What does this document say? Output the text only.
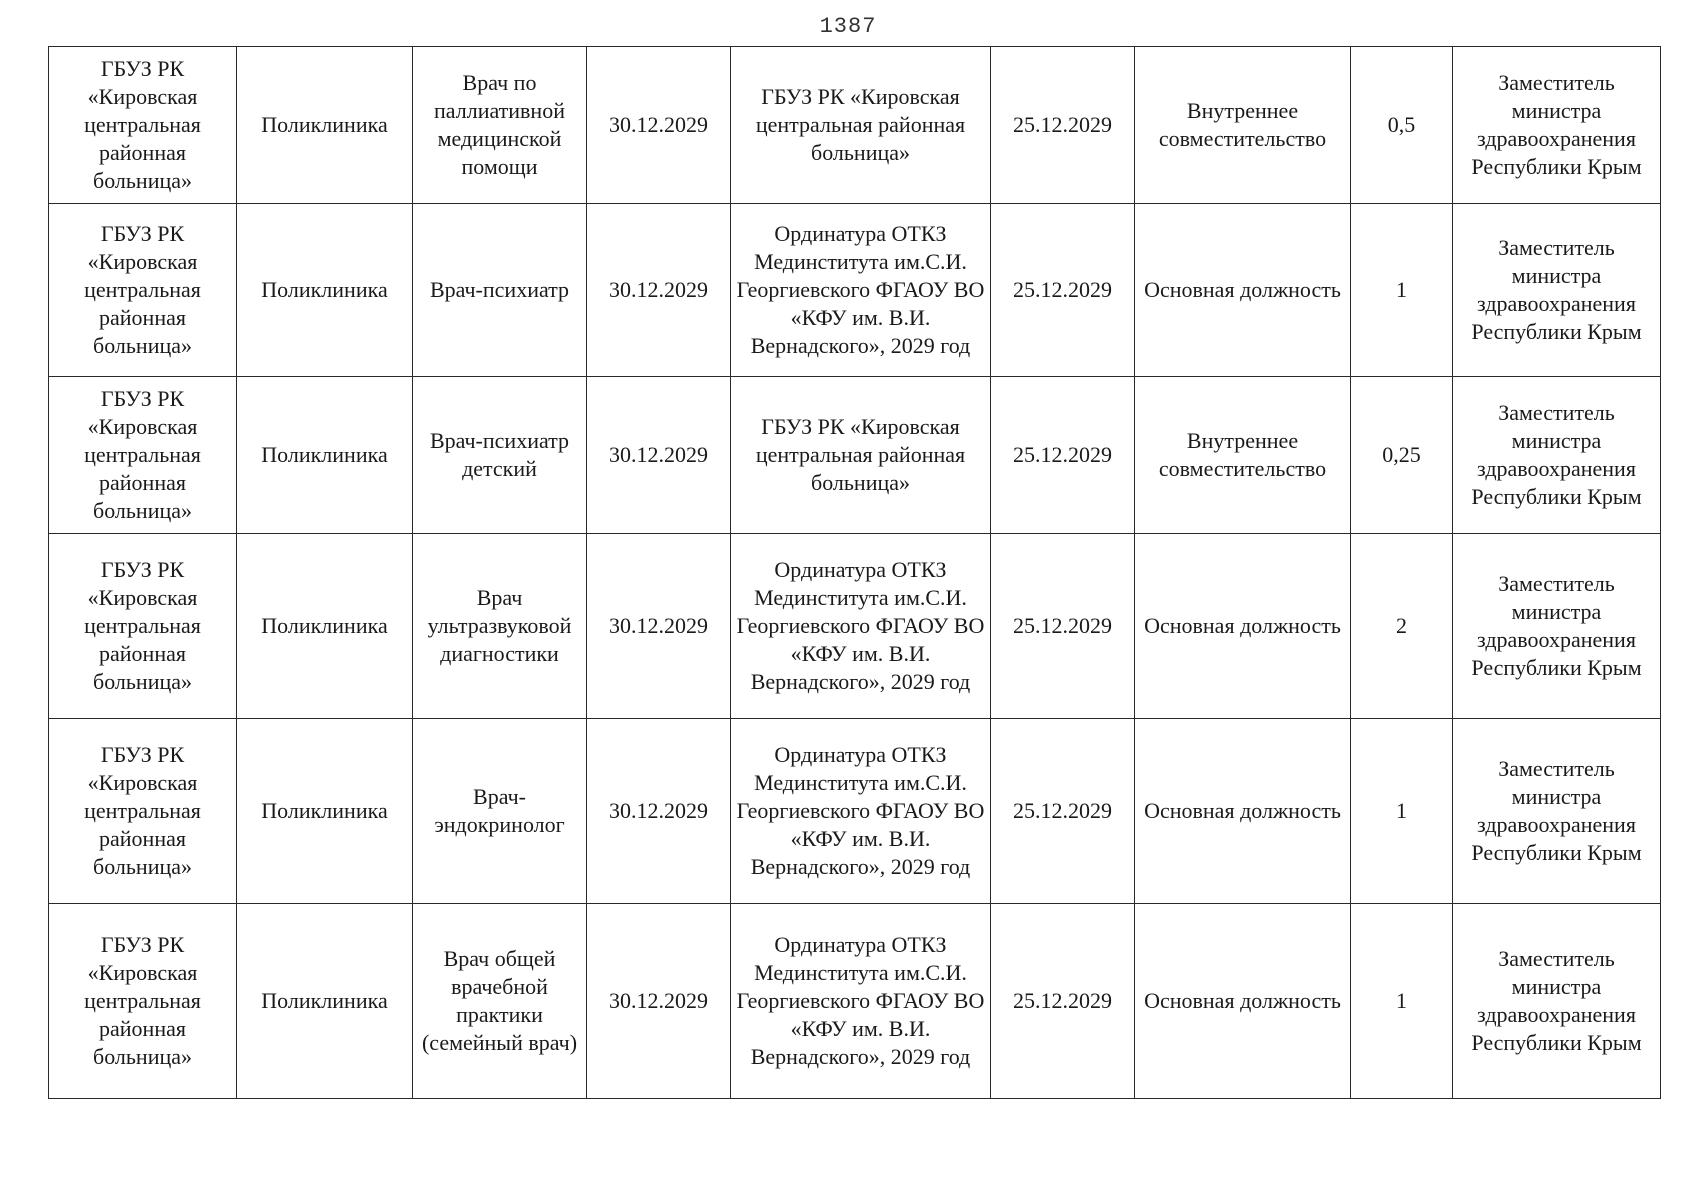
1387
ГБУЗ РК «Кировская центральная районная больница»	Поликлиника	Врач по паллиативной медицинской помощи	30.12.2029	ГБУЗ РК «Кировская центральная районная больница»	25.12.2029	Внутреннее совместительство	0,5	Заместитель министра здравоохранения Республики Крым
ГБУЗ РК «Кировская центральная районная больница»	Поликлиника	Врач-психиатр	30.12.2029	Ординатура ОТКЗ Мединститута им.С.И. Георгиевского ФГАОУ ВО «КФУ им. В.И. Вернадского», 2029 год	25.12.2029	Основная должность	1	Заместитель министра здравоохранения Республики Крым
ГБУЗ РК «Кировская центральная районная больница»	Поликлиника	Врач-психиатр детский	30.12.2029	ГБУЗ РК «Кировская центральная районная больница»	25.12.2029	Внутреннее совместительство	0,25	Заместитель министра здравоохранения Республики Крым
ГБУЗ РК «Кировская центральная районная больница»	Поликлиника	Врач ультразвуковой диагностики	30.12.2029	Ординатура ОТКЗ Мединститута им.С.И. Георгиевского ФГАОУ ВО «КФУ им. В.И. Вернадского», 2029 год	25.12.2029	Основная должность	2	Заместитель министра здравоохранения Республики Крым
ГБУЗ РК «Кировская центральная районная больница»	Поликлиника	Врач-эндокринолог	30.12.2029	Ординатура ОТКЗ Мединститута им.С.И. Георгиевского ФГАОУ ВО «КФУ им. В.И. Вернадского», 2029 год	25.12.2029	Основная должность	1	Заместитель министра здравоохранения Республики Крым
ГБУЗ РК «Кировская центральная районная больница»	Поликлиника	Врач общей врачебной практики (семейный врач)	30.12.2029	Ординатура ОТКЗ Мединститута им.С.И. Георгиевского ФГАОУ ВО «КФУ им. В.И. Вернадского», 2029 год	25.12.2029	Основная должность	1	Заместитель министра здравоохранения Республики Крым
